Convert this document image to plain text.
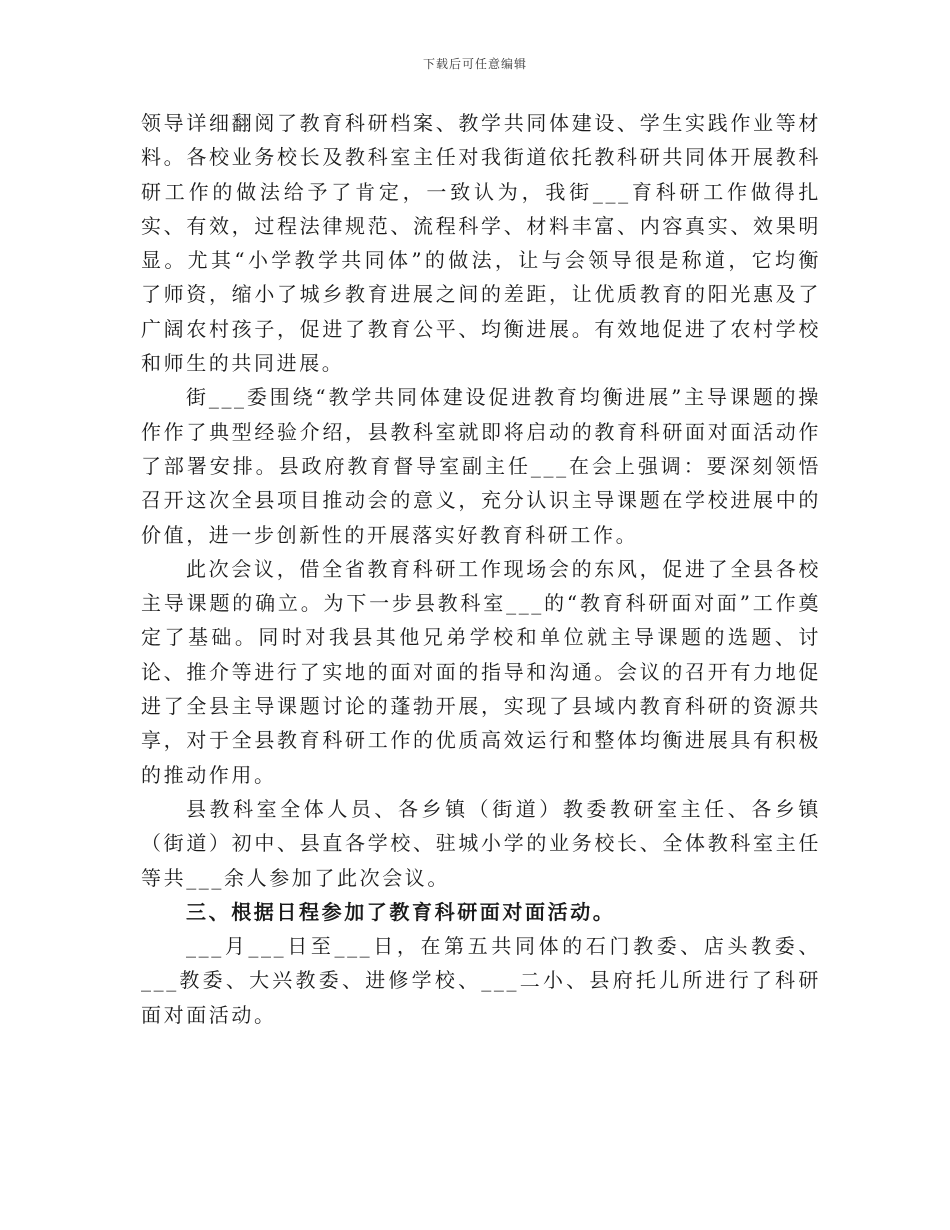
下载后可任意编辑

领导详细翻阅了教育科研档案、教学共同体建设、学生实践作业等材料。各校业务校长及教科室主任对我街道依托教科研共同体开展教科研工作的做法给予了肯定，一致认为，我街___育科研工作做得扎实、有效，过程法律规范、流程科学、材料丰富、内容真实、效果明显。尤其“小学教学共同体”的做法，让与会领导很是称道，它均衡了师资，缩小了城乡教育进展之间的差距，让优质教育的阳光惠及了广阔农村孩子，促进了教育公平、均衡进展。有效地促进了农村学校和师生的共同进展。

街___委围绕“教学共同体建设促进教育均衡进展”主导课题的操作作了典型经验介绍，县教科室就即将启动的教育科研面对面活动作了部署安排。县政府教育督导室副主任___在会上强调：要深刻领悟召开这次全县项目推动会的意义，充分认识主导课题在学校进展中的价值，进一步创新性的开展落实好教育科研工作。

此次会议，借全省教育科研工作现场会的东风，促进了全县各校主导课题的确立。为下一步县教科室___的“教育科研面对面”工作奠定了基础。同时对我县其他兄弟学校和单位就主导课题的选题、讨论、推介等进行了实地的面对面的指导和沟通。会议的召开有力地促进了全县主导课题讨论的蓬勃开展，实现了县域内教育科研的资源共享，对于全县教育科研工作的优质高效运行和整体均衡进展具有积极的推动作用。

县教科室全体人员、各乡镇（街道）教委教研室主任、各乡镇（街道）初中、县直各学校、驻城小学的业务校长、全体教科室主任等共___余人参加了此次会议。

三、根据日程参加了教育科研面对面活动。

___月___日至___日，在第五共同体的石门教委、店头教委、___教委、大兴教委、进修学校、___二小、县府托儿所进行了科研面对面活动。
